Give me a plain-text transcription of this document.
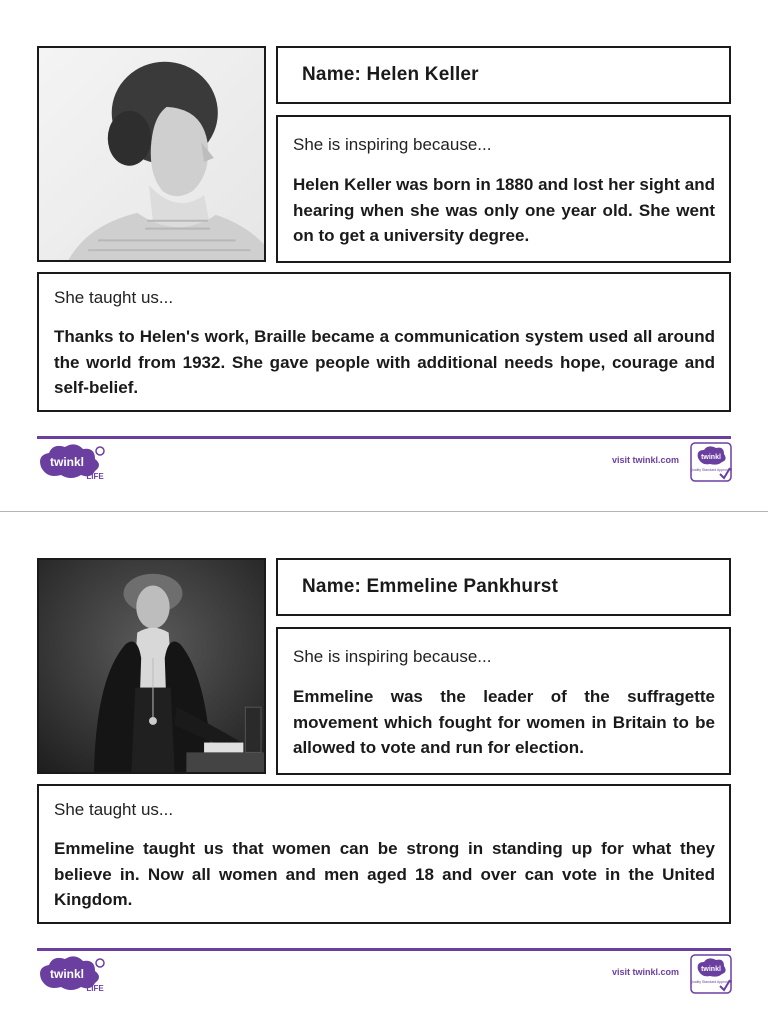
Name: Helen Keller
She is inspiring because...
Helen Keller was born in 1880 and lost her sight and hearing when she was only one year old. She went on to get a university degree.
She taught us...
Thanks to Helen's work, Braille became a communication system used all around the world from 1932. She gave people with additional needs hope, courage and self-belief.
twinkl
LIFE
visit twinkl.com	twinkl
Quality Standard Approved
Name: Emmeline Pankhurst
She is inspiring because...
Emmeline was the leader of the suffragette movement which fought for women in Britain to be allowed to vote and run for election.
She taught us...
Emmeline taught us that women can be strong in standing up for what they believe in. Now all women and men aged 18 and over can vote in the United Kingdom.
twinkl
LIFE
visit twinkl.com	twinkl
Quality Standard Approved
